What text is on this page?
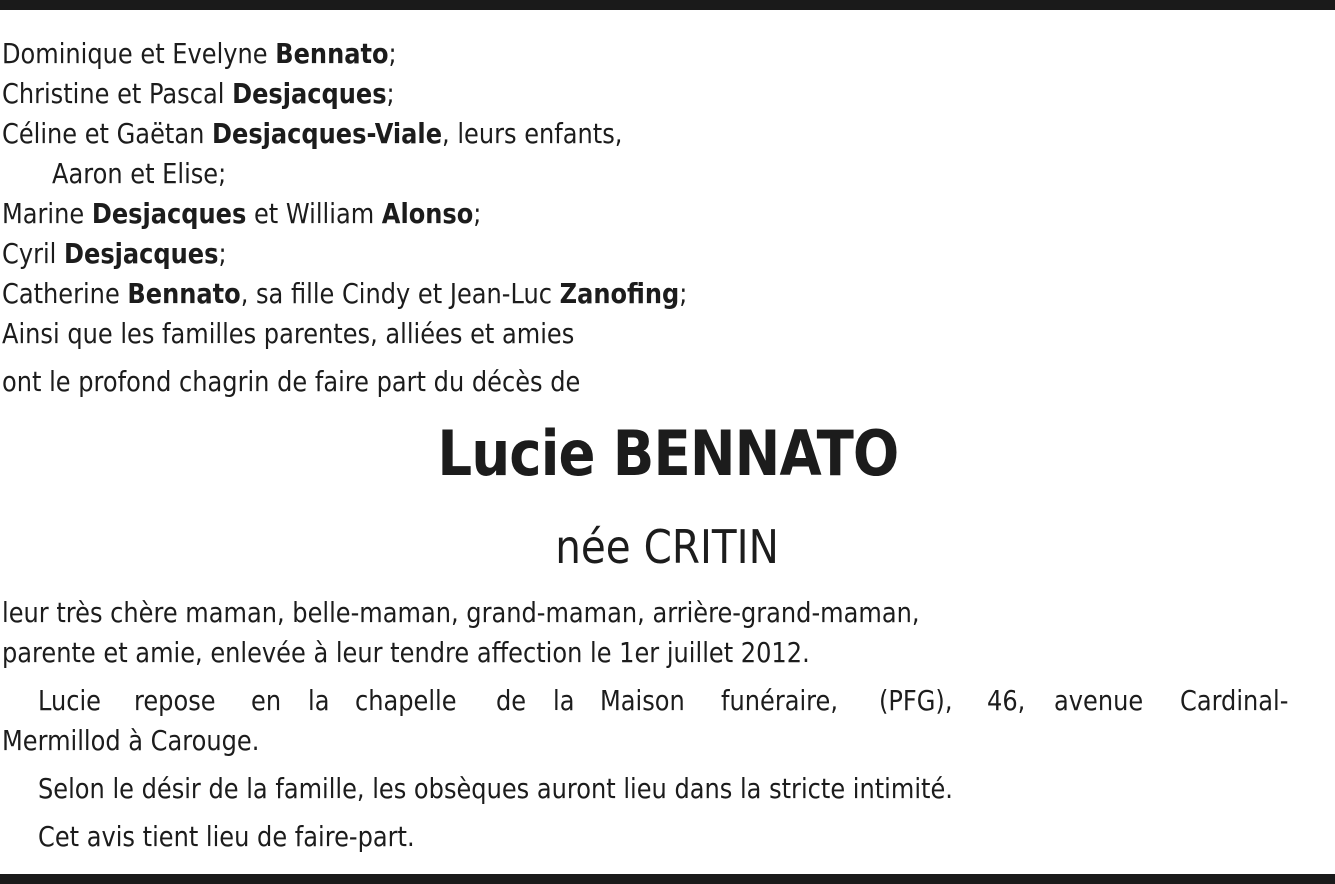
Dominique et Evelyne Bennato;
Christine et Pascal Desjacques;
Céline et Gaëtan Desjacques-Viale, leurs enfants,
Aaron et Elise;
Marine Desjacques et William Alonso;
Cyril Desjacques;
Catherine Bennato, sa fille Cindy et Jean-Luc Zanofing;
Ainsi que les familles parentes, alliées et amies
ont le profond chagrin de faire part du décès de
Lucie BENNATO
née CRITIN
leur très chère maman, belle-maman, grand-maman, arrière-grand-maman,
parente et amie, enlevée à leur tendre affection le 1er juillet 2012.
Lucie repose en la chapelle de la Maison funéraire, (PFG), 46, avenue Cardinal-
Mermillod à Carouge.
Selon le désir de la famille, les obsèques auront lieu dans la stricte intimité.
Cet avis tient lieu de faire-part.
